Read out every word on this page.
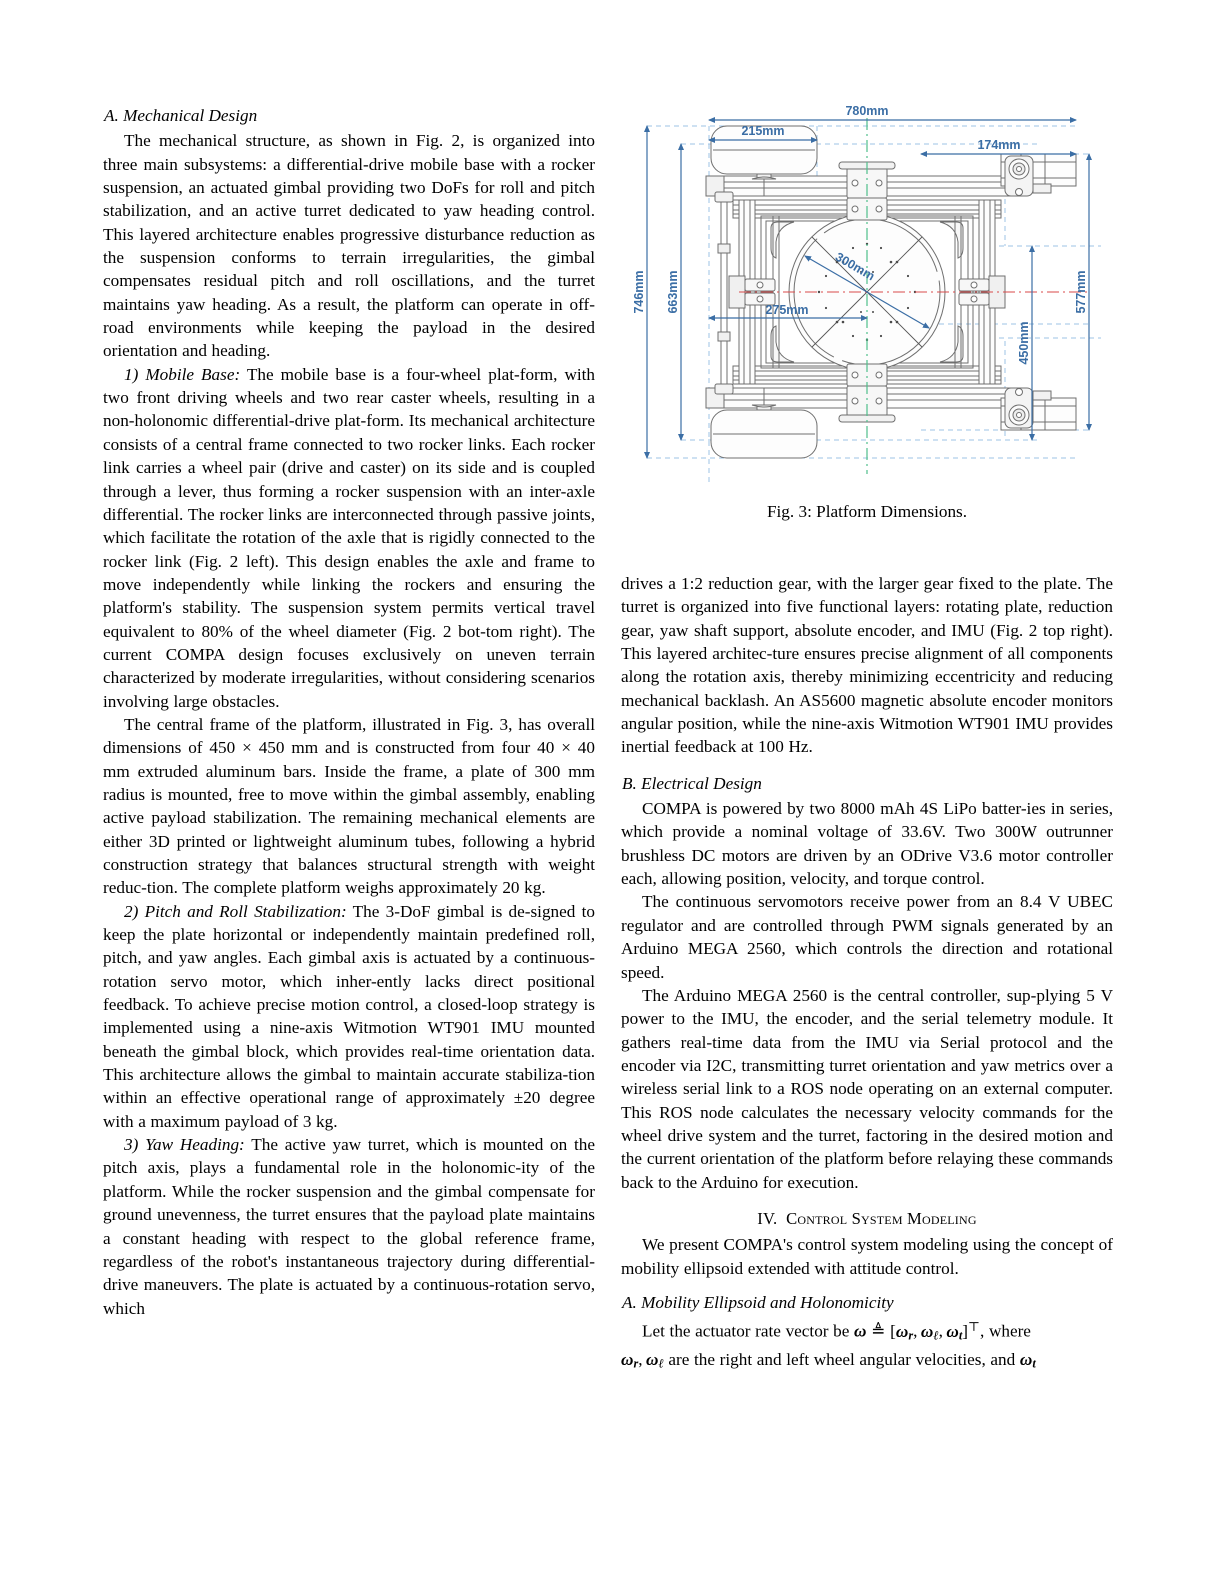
A. Mechanical Design

The mechanical structure, as shown in Fig. 2, is organized into three main subsystems: a differential-drive mobile base with a rocker suspension, an actuated gimbal providing two DoFs for roll and pitch stabilization, and an active turret dedicated to yaw heading control. This layered architecture enables progressive disturbance reduction as the suspension conforms to terrain irregularities, the gimbal compensates residual pitch and roll oscillations, and the turret maintains yaw heading. As a result, the platform can operate in off-road environments while keeping the payload in the desired orientation and heading.

1) Mobile Base: The mobile base is a four-wheel plat-form, with two front driving wheels and two rear caster wheels, resulting in a non-holonomic differential-drive plat-form. Its mechanical architecture consists of a central frame connected to two rocker links. Each rocker link carries a wheel pair (drive and caster) on its side and is coupled through a lever, thus forming a rocker suspension with an inter-axle differential. The rocker links are interconnected through passive joints, which facilitate the rotation of the axle that is rigidly connected to the rocker link (Fig. 2 left). This design enables the axle and frame to move independently while linking the rockers and ensuring the platform's stability. The suspension system permits vertical travel equivalent to 80% of the wheel diameter (Fig. 2 bot-tom right). The current COMPA design focuses exclusively on uneven terrain characterized by moderate irregularities, without considering scenarios involving large obstacles.

The central frame of the platform, illustrated in Fig. 3, has overall dimensions of 450 × 450 mm and is constructed from four 40 × 40 mm extruded aluminum bars. Inside the frame, a plate of 300 mm radius is mounted, free to move within the gimbal assembly, enabling active payload stabilization. The remaining mechanical elements are either 3D printed or lightweight aluminum tubes, following a hybrid construction strategy that balances structural strength with weight reduc-tion. The complete platform weighs approximately 20 kg.

2) Pitch and Roll Stabilization: The 3-DoF gimbal is de-signed to keep the plate horizontal or independently maintain predefined roll, pitch, and yaw angles. Each gimbal axis is actuated by a continuous-rotation servo motor, which inher-ently lacks direct positional feedback. To achieve precise motion control, a closed-loop strategy is implemented using a nine-axis Witmotion WT901 IMU mounted beneath the gimbal block, which provides real-time orientation data. This architecture allows the gimbal to maintain accurate stabiliza-tion within an effective operational range of approximately ±20 degree with a maximum payload of 3 kg.

3) Yaw Heading: The active yaw turret, which is mounted on the pitch axis, plays a fundamental role in the holonomic-ity of the platform. While the rocker suspension and the gimbal compensate for ground unevenness, the turret ensures that the payload plate maintains a constant heading with respect to the global reference frame, regardless of the robot's instantaneous trajectory during differential-drive maneuvers. The plate is actuated by a continuous-rotation servo, which

780mm
215mm
174mm
746mm 663mm
450mm
577mm
300mm
275mm
Fig. 3: Platform Dimensions.

drives a 1:2 reduction gear, with the larger gear fixed to the plate. The turret is organized into five functional layers: rotating plate, reduction gear, yaw shaft support, absolute encoder, and IMU (Fig. 2 top right). This layered architec-ture ensures precise alignment of all components along the rotation axis, thereby minimizing eccentricity and reducing mechanical backlash. An AS5600 magnetic absolute encoder monitors angular position, while the nine-axis Witmotion WT901 IMU provides inertial feedback at 100 Hz.

B. Electrical Design

COMPA is powered by two 8000 mAh 4S LiPo batter-ies in series, which provide a nominal voltage of 33.6V. Two 300W outrunner brushless DC motors are driven by an ODrive V3.6 motor controller each, allowing position, velocity, and torque control.

The continuous servomotors receive power from an 8.4 V UBEC regulator and are controlled through PWM signals generated by an Arduino MEGA 2560, which controls the direction and rotational speed.

The Arduino MEGA 2560 is the central controller, sup-plying 5 V power to the IMU, the encoder, and the serial telemetry module. It gathers real-time data from the IMU via Serial protocol and the encoder via I2C, transmitting turret orientation and yaw metrics over a wireless serial link to a ROS node operating on an external computer. This ROS node calculates the necessary velocity commands for the wheel drive system and the turret, factoring in the desired motion and the current orientation of the platform before relaying these commands back to the Arduino for execution.

IV. Control System Modeling

We present COMPA's control system modeling using the concept of mobility ellipsoid extended with attitude control.

A. Mobility Ellipsoid and Holonomicity

Let the actuator rate vector be ω ≜ [ωr, ωℓ, ωt]⊤, where
ωr, ωℓ are the right and left wheel angular velocities, and ωt
